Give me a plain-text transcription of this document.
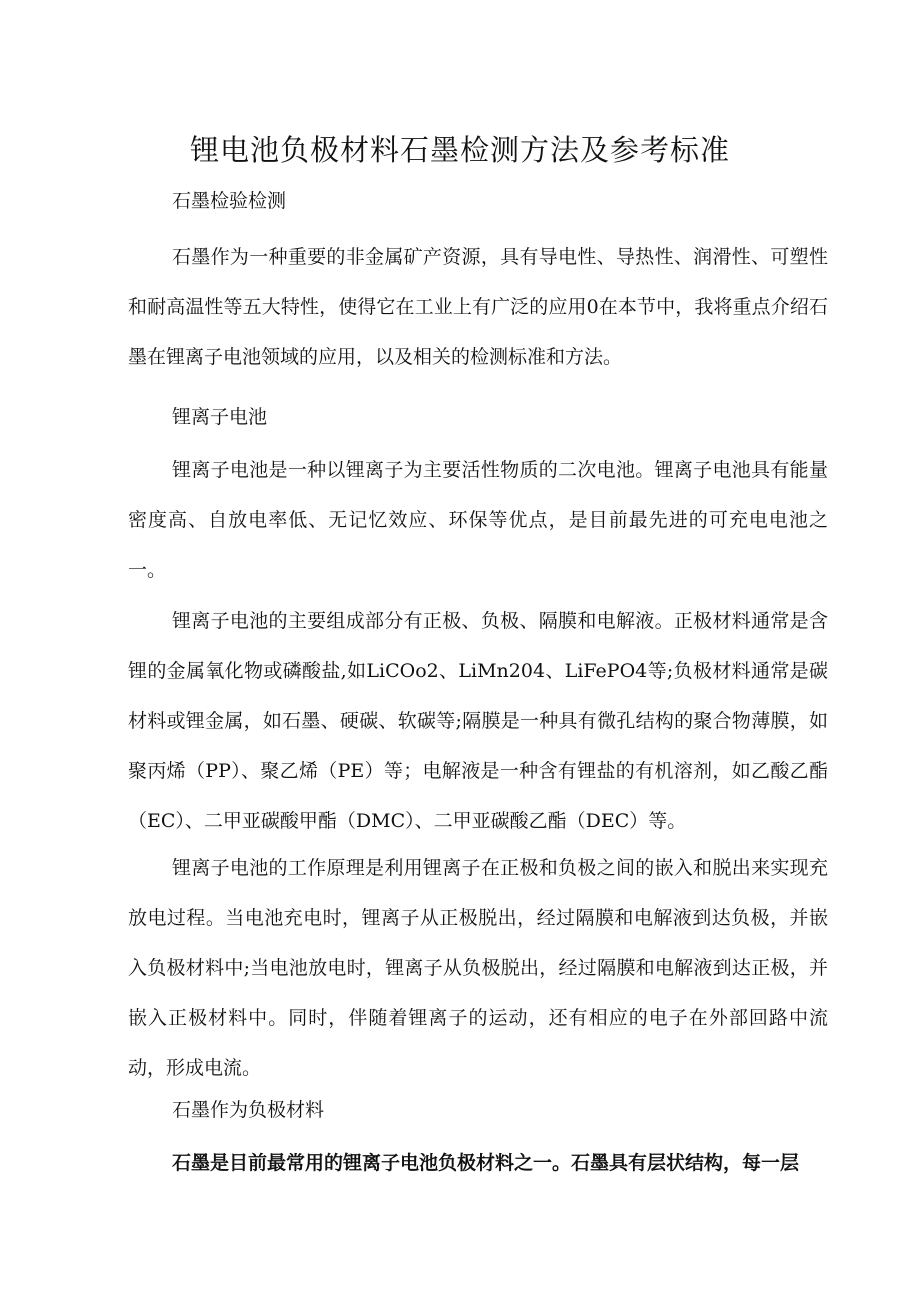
锂电池负极材料石墨检测方法及参考标准
石墨检验检测

石墨作为一种重要的非金属矿产资源，具有导电性、导热性、润滑性、可塑性和耐高温性等五大特性，使得它在工业上有广泛的应用0在本节中，我将重点介绍石墨在锂离子电池领域的应用，以及相关的检测标准和方法。

锂离子电池

锂离子电池是一种以锂离子为主要活性物质的二次电池。锂离子电池具有能量密度高、自放电率低、无记忆效应、环保等优点，是目前最先进的可充电电池之一。

锂离子电池的主要组成部分有正极、负极、隔膜和电解液。正极材料通常是含锂的金属氧化物或磷酸盐,如LiCOo2、LiMn204、LiFePO4等;负极材料通常是碳材料或锂金属，如石墨、硬碳、软碳等;隔膜是一种具有微孔结构的聚合物薄膜，如聚丙烯（PP）、聚乙烯（PE）等；电解液是一种含有锂盐的有机溶剂，如乙酸乙酯（EC）、二甲亚碳酸甲酯（DMC）、二甲亚碳酸乙酯（DEC）等。

锂离子电池的工作原理是利用锂离子在正极和负极之间的嵌入和脱出来实现充放电过程。当电池充电时，锂离子从正极脱出，经过隔膜和电解液到达负极，并嵌入负极材料中;当电池放电时，锂离子从负极脱出，经过隔膜和电解液到达正极，并嵌入正极材料中。同时，伴随着锂离子的运动，还有相应的电子在外部回路中流动，形成电流。

石墨作为负极材料

石墨是目前最常用的锂离子电池负极材料之一。石墨具有层状结构，每一层
